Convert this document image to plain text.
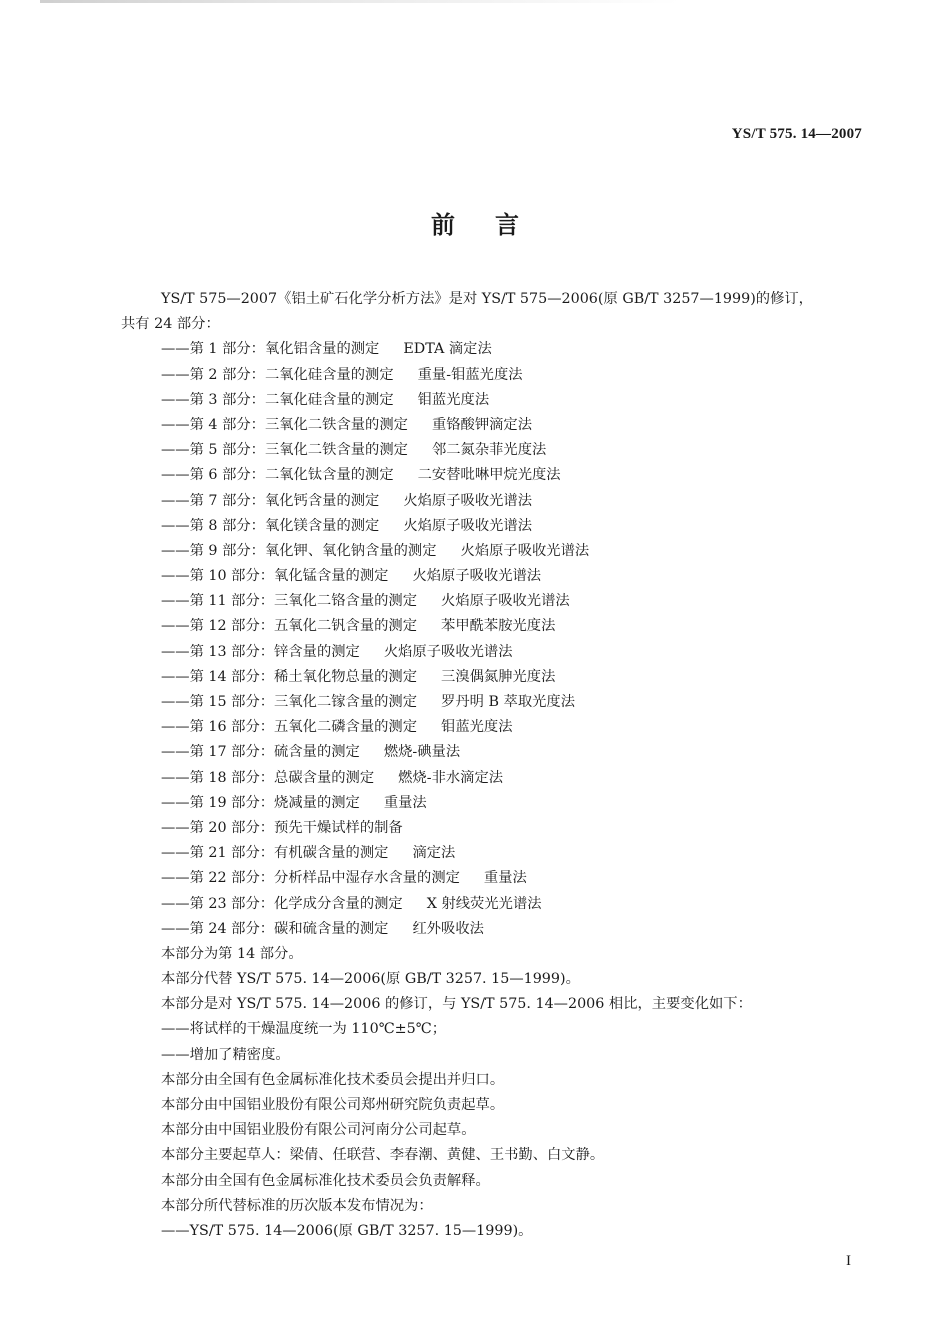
YS/T 575. 14—2007
前言
YS/T 575—2007《铝土矿石化学分析方法》是对 YS/T 575—2006(原 GB/T 3257—1999)的修订，
共有 24 部分：
——第 1 部分：氧化铝含量的测定 EDTA 滴定法
——第 2 部分：二氧化硅含量的测定 重量-钼蓝光度法
——第 3 部分：二氧化硅含量的测定 钼蓝光度法
——第 4 部分：三氧化二铁含量的测定 重铬酸钾滴定法
——第 5 部分：三氧化二铁含量的测定 邻二氮杂菲光度法
——第 6 部分：二氧化钛含量的测定 二安替吡啉甲烷光度法
——第 7 部分：氧化钙含量的测定 火焰原子吸收光谱法
——第 8 部分：氧化镁含量的测定 火焰原子吸收光谱法
——第 9 部分：氧化钾、氧化钠含量的测定 火焰原子吸收光谱法
——第 10 部分：氧化锰含量的测定 火焰原子吸收光谱法
——第 11 部分：三氧化二铬含量的测定 火焰原子吸收光谱法
——第 12 部分：五氧化二钒含量的测定 苯甲酰苯胺光度法
——第 13 部分：锌含量的测定 火焰原子吸收光谱法
——第 14 部分：稀土氧化物总量的测定 三溴偶氮胂光度法
——第 15 部分：三氧化二镓含量的测定 罗丹明 B 萃取光度法
——第 16 部分：五氧化二磷含量的测定 钼蓝光度法
——第 17 部分：硫含量的测定 燃烧-碘量法
——第 18 部分：总碳含量的测定 燃烧-非水滴定法
——第 19 部分：烧减量的测定 重量法
——第 20 部分：预先干燥试样的制备
——第 21 部分：有机碳含量的测定 滴定法
——第 22 部分：分析样品中湿存水含量的测定 重量法
——第 23 部分：化学成分含量的测定 X 射线荧光光谱法
——第 24 部分：碳和硫含量的测定 红外吸收法
本部分为第 14 部分。
本部分代替 YS/T 575. 14—2006(原 GB/T 3257. 15—1999)。
本部分是对 YS/T 575. 14—2006 的修订，与 YS/T 575. 14—2006 相比，主要变化如下：
——将试样的干燥温度统一为 110℃±5℃；
——增加了精密度。
本部分由全国有色金属标准化技术委员会提出并归口。
本部分由中国铝业股份有限公司郑州研究院负责起草。
本部分由中国铝业股份有限公司河南分公司起草。
本部分主要起草人：梁倩、任联营、李春潮、黄健、王书勤、白文静。
本部分由全国有色金属标准化技术委员会负责解释。
本部分所代替标准的历次版本发布情况为：
——YS/T 575. 14—2006(原 GB/T 3257. 15—1999)。
I
